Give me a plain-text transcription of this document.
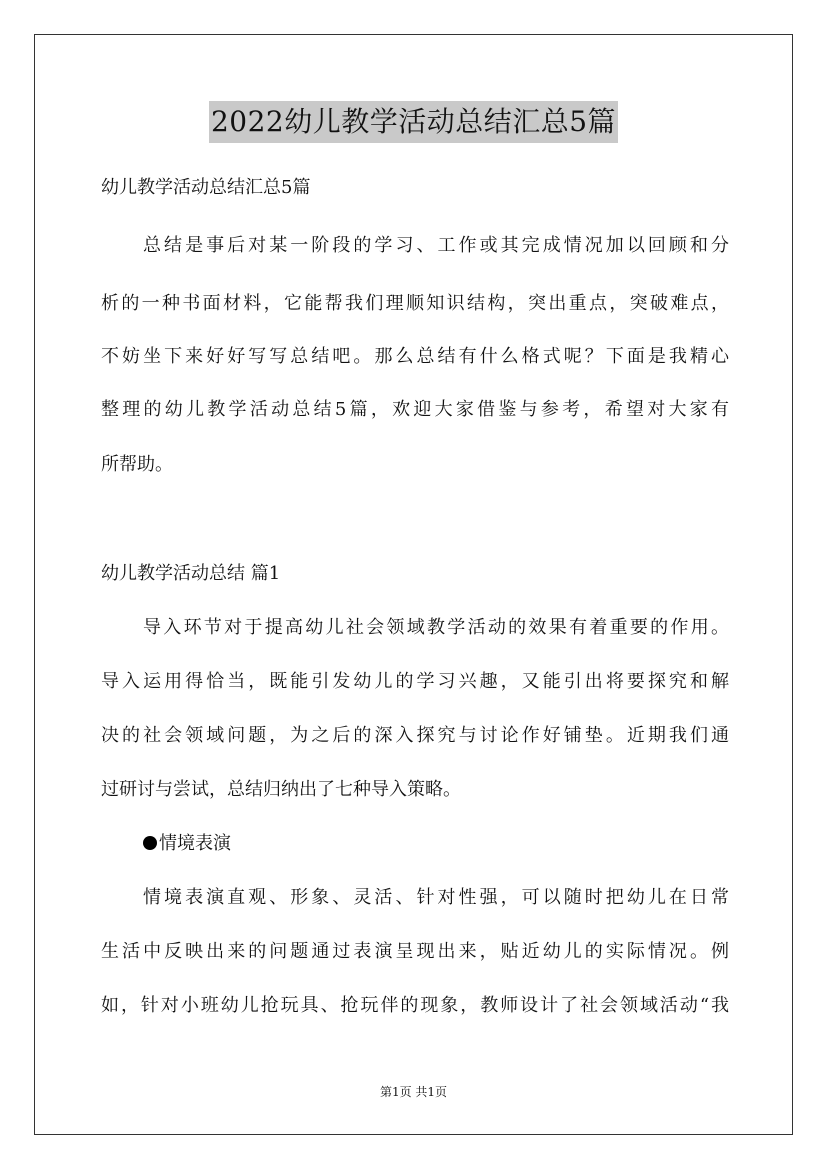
2022幼儿教学活动总结汇总5篇
幼儿教学活动总结汇总5篇
总结是事后对某一阶段的学习、工作或其完成情况加以回顾和分
析的一种书面材料，它能帮我们理顺知识结构，突出重点，突破难点，
不妨坐下来好好写写总结吧。那么总结有什么格式呢？下面是我精心
整理的幼儿教学活动总结5篇，欢迎大家借鉴与参考，希望对大家有
所帮助。
幼儿教学活动总结 篇1
导入环节对于提高幼儿社会领域教学活动的效果有着重要的作用。
导入运用得恰当，既能引发幼儿的学习兴趣，又能引出将要探究和解
决的社会领域问题，为之后的深入探究与讨论作好铺垫。近期我们通
过研讨与尝试，总结归纳出了七种导入策略。
情境表演
情境表演直观、形象、灵活、针对性强，可以随时把幼儿在日常
生活中反映出来的问题通过表演呈现出来，贴近幼儿的实际情况。例
如，针对小班幼儿抢玩具、抢玩伴的现象，教师设计了社会领域活动“我
第1页 共1页
